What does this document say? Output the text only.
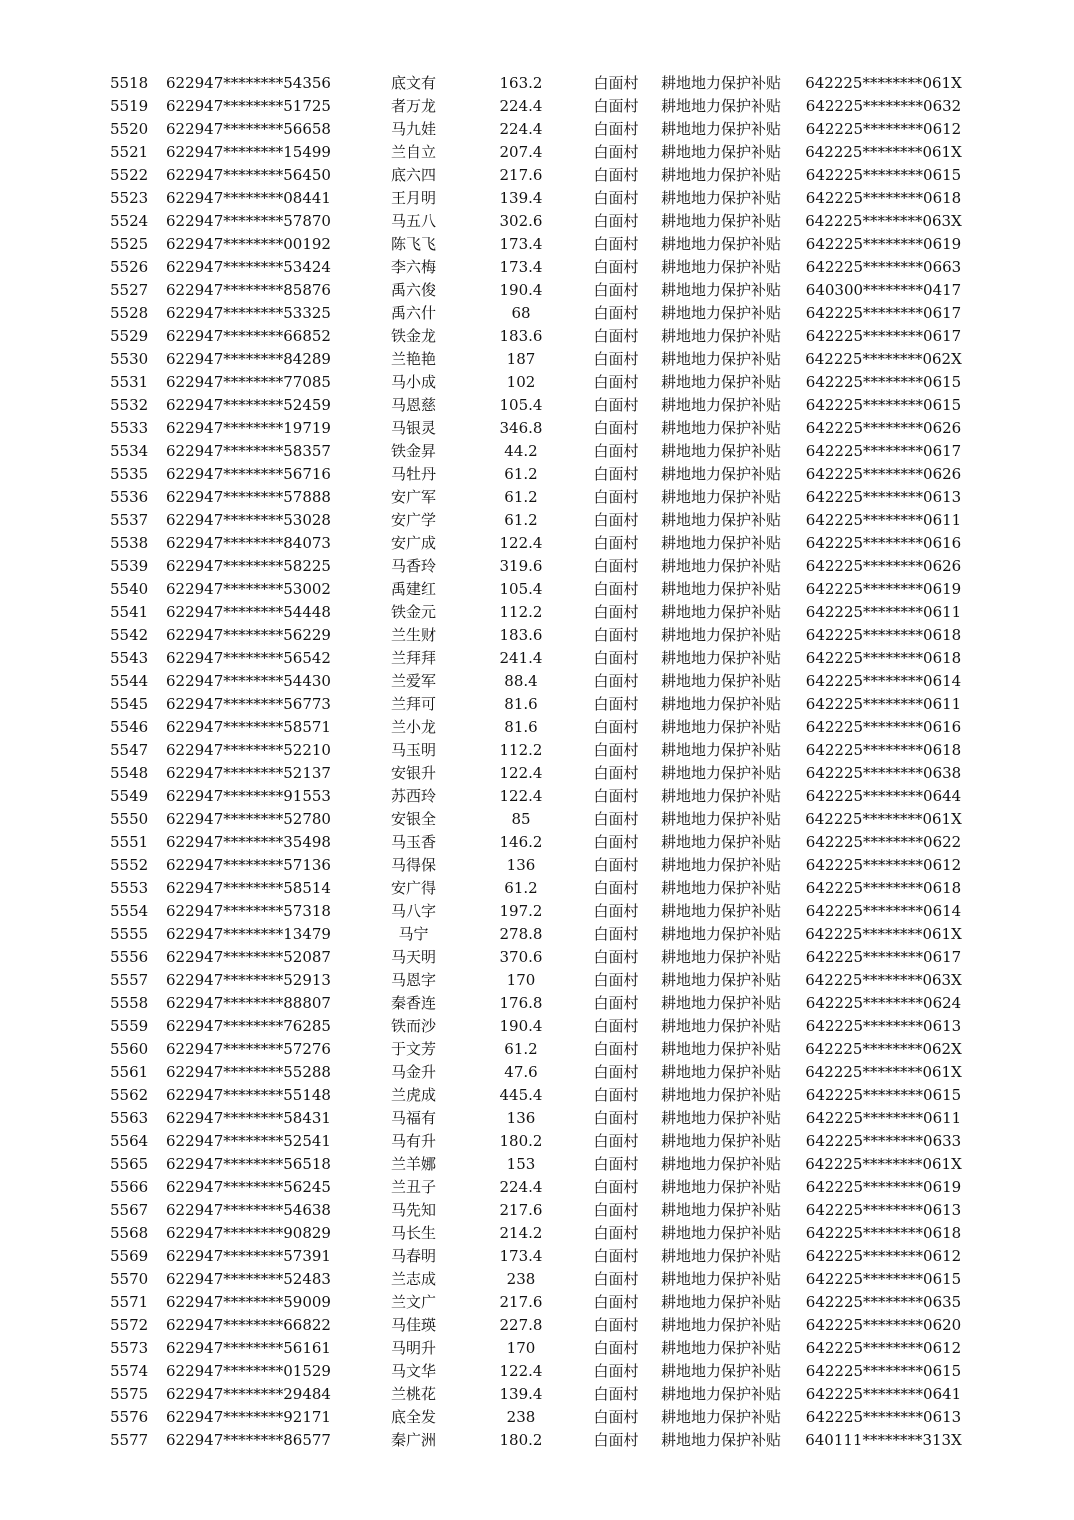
5518	622947********54356	底文有	163.2	白面村	耕地地力保护补贴	642225********061X
5519	622947********51725	者万龙	224.4	白面村	耕地地力保护补贴	642225********0632
5520	622947********56658	马九娃	224.4	白面村	耕地地力保护补贴	642225********0612
5521	622947********15499	兰自立	207.4	白面村	耕地地力保护补贴	642225********061X
5522	622947********56450	底六四	217.6	白面村	耕地地力保护补贴	642225********0615
5523	622947********08441	王月明	139.4	白面村	耕地地力保护补贴	642225********0618
5524	622947********57870	马五八	302.6	白面村	耕地地力保护补贴	642225********063X
5525	622947********00192	陈飞飞	173.4	白面村	耕地地力保护补贴	642225********0619
5526	622947********53424	李六梅	173.4	白面村	耕地地力保护补贴	642225********0663
5527	622947********85876	禹六俊	190.4	白面村	耕地地力保护补贴	640300********0417
5528	622947********53325	禹六什	68	白面村	耕地地力保护补贴	642225********0617
5529	622947********66852	铁金龙	183.6	白面村	耕地地力保护补贴	642225********0617
5530	622947********84289	兰艳艳	187	白面村	耕地地力保护补贴	642225********062X
5531	622947********77085	马小成	102	白面村	耕地地力保护补贴	642225********0615
5532	622947********52459	马恩慈	105.4	白面村	耕地地力保护补贴	642225********0615
5533	622947********19719	马银灵	346.8	白面村	耕地地力保护补贴	642225********0626
5534	622947********58357	铁金昇	44.2	白面村	耕地地力保护补贴	642225********0617
5535	622947********56716	马牡丹	61.2	白面村	耕地地力保护补贴	642225********0626
5536	622947********57888	安广军	61.2	白面村	耕地地力保护补贴	642225********0613
5537	622947********53028	安广学	61.2	白面村	耕地地力保护补贴	642225********0611
5538	622947********84073	安广成	122.4	白面村	耕地地力保护补贴	642225********0616
5539	622947********58225	马香玲	319.6	白面村	耕地地力保护补贴	642225********0626
5540	622947********53002	禹建红	105.4	白面村	耕地地力保护补贴	642225********0619
5541	622947********54448	铁金元	112.2	白面村	耕地地力保护补贴	642225********0611
5542	622947********56229	兰生财	183.6	白面村	耕地地力保护补贴	642225********0618
5543	622947********56542	兰拜拜	241.4	白面村	耕地地力保护补贴	642225********0618
5544	622947********54430	兰爱军	88.4	白面村	耕地地力保护补贴	642225********0614
5545	622947********56773	兰拜可	81.6	白面村	耕地地力保护补贴	642225********0611
5546	622947********58571	兰小龙	81.6	白面村	耕地地力保护补贴	642225********0616
5547	622947********52210	马玉明	112.2	白面村	耕地地力保护补贴	642225********0618
5548	622947********52137	安银升	122.4	白面村	耕地地力保护补贴	642225********0638
5549	622947********91553	苏西玲	122.4	白面村	耕地地力保护补贴	642225********0644
5550	622947********52780	安银全	85	白面村	耕地地力保护补贴	642225********061X
5551	622947********35498	马玉香	146.2	白面村	耕地地力保护补贴	642225********0622
5552	622947********57136	马得保	136	白面村	耕地地力保护补贴	642225********0612
5553	622947********58514	安广得	61.2	白面村	耕地地力保护补贴	642225********0618
5554	622947********57318	马八字	197.2	白面村	耕地地力保护补贴	642225********0614
5555	622947********13479	马宁	278.8	白面村	耕地地力保护补贴	642225********061X
5556	622947********52087	马天明	370.6	白面村	耕地地力保护补贴	642225********0617
5557	622947********52913	马恩字	170	白面村	耕地地力保护补贴	642225********063X
5558	622947********88807	秦香连	176.8	白面村	耕地地力保护补贴	642225********0624
5559	622947********76285	铁而沙	190.4	白面村	耕地地力保护补贴	642225********0613
5560	622947********57276	于文芳	61.2	白面村	耕地地力保护补贴	642225********062X
5561	622947********55288	马金升	47.6	白面村	耕地地力保护补贴	642225********061X
5562	622947********55148	兰虎成	445.4	白面村	耕地地力保护补贴	642225********0615
5563	622947********58431	马福有	136	白面村	耕地地力保护补贴	642225********0611
5564	622947********52541	马有升	180.2	白面村	耕地地力保护补贴	642225********0633
5565	622947********56518	兰羊娜	153	白面村	耕地地力保护补贴	642225********061X
5566	622947********56245	兰丑子	224.4	白面村	耕地地力保护补贴	642225********0619
5567	622947********54638	马先知	217.6	白面村	耕地地力保护补贴	642225********0613
5568	622947********90829	马长生	214.2	白面村	耕地地力保护补贴	642225********0618
5569	622947********57391	马春明	173.4	白面村	耕地地力保护补贴	642225********0612
5570	622947********52483	兰志成	238	白面村	耕地地力保护补贴	642225********0615
5571	622947********59009	兰文广	217.6	白面村	耕地地力保护补贴	642225********0635
5572	622947********66822	马佳瑛	227.8	白面村	耕地地力保护补贴	642225********0620
5573	622947********56161	马明升	170	白面村	耕地地力保护补贴	642225********0612
5574	622947********01529	马文华	122.4	白面村	耕地地力保护补贴	642225********0615
5575	622947********29484	兰桃花	139.4	白面村	耕地地力保护补贴	642225********0641
5576	622947********92171	底全发	238	白面村	耕地地力保护补贴	642225********0613
5577	622947********86577	秦广洲	180.2	白面村	耕地地力保护补贴	640111********313X
